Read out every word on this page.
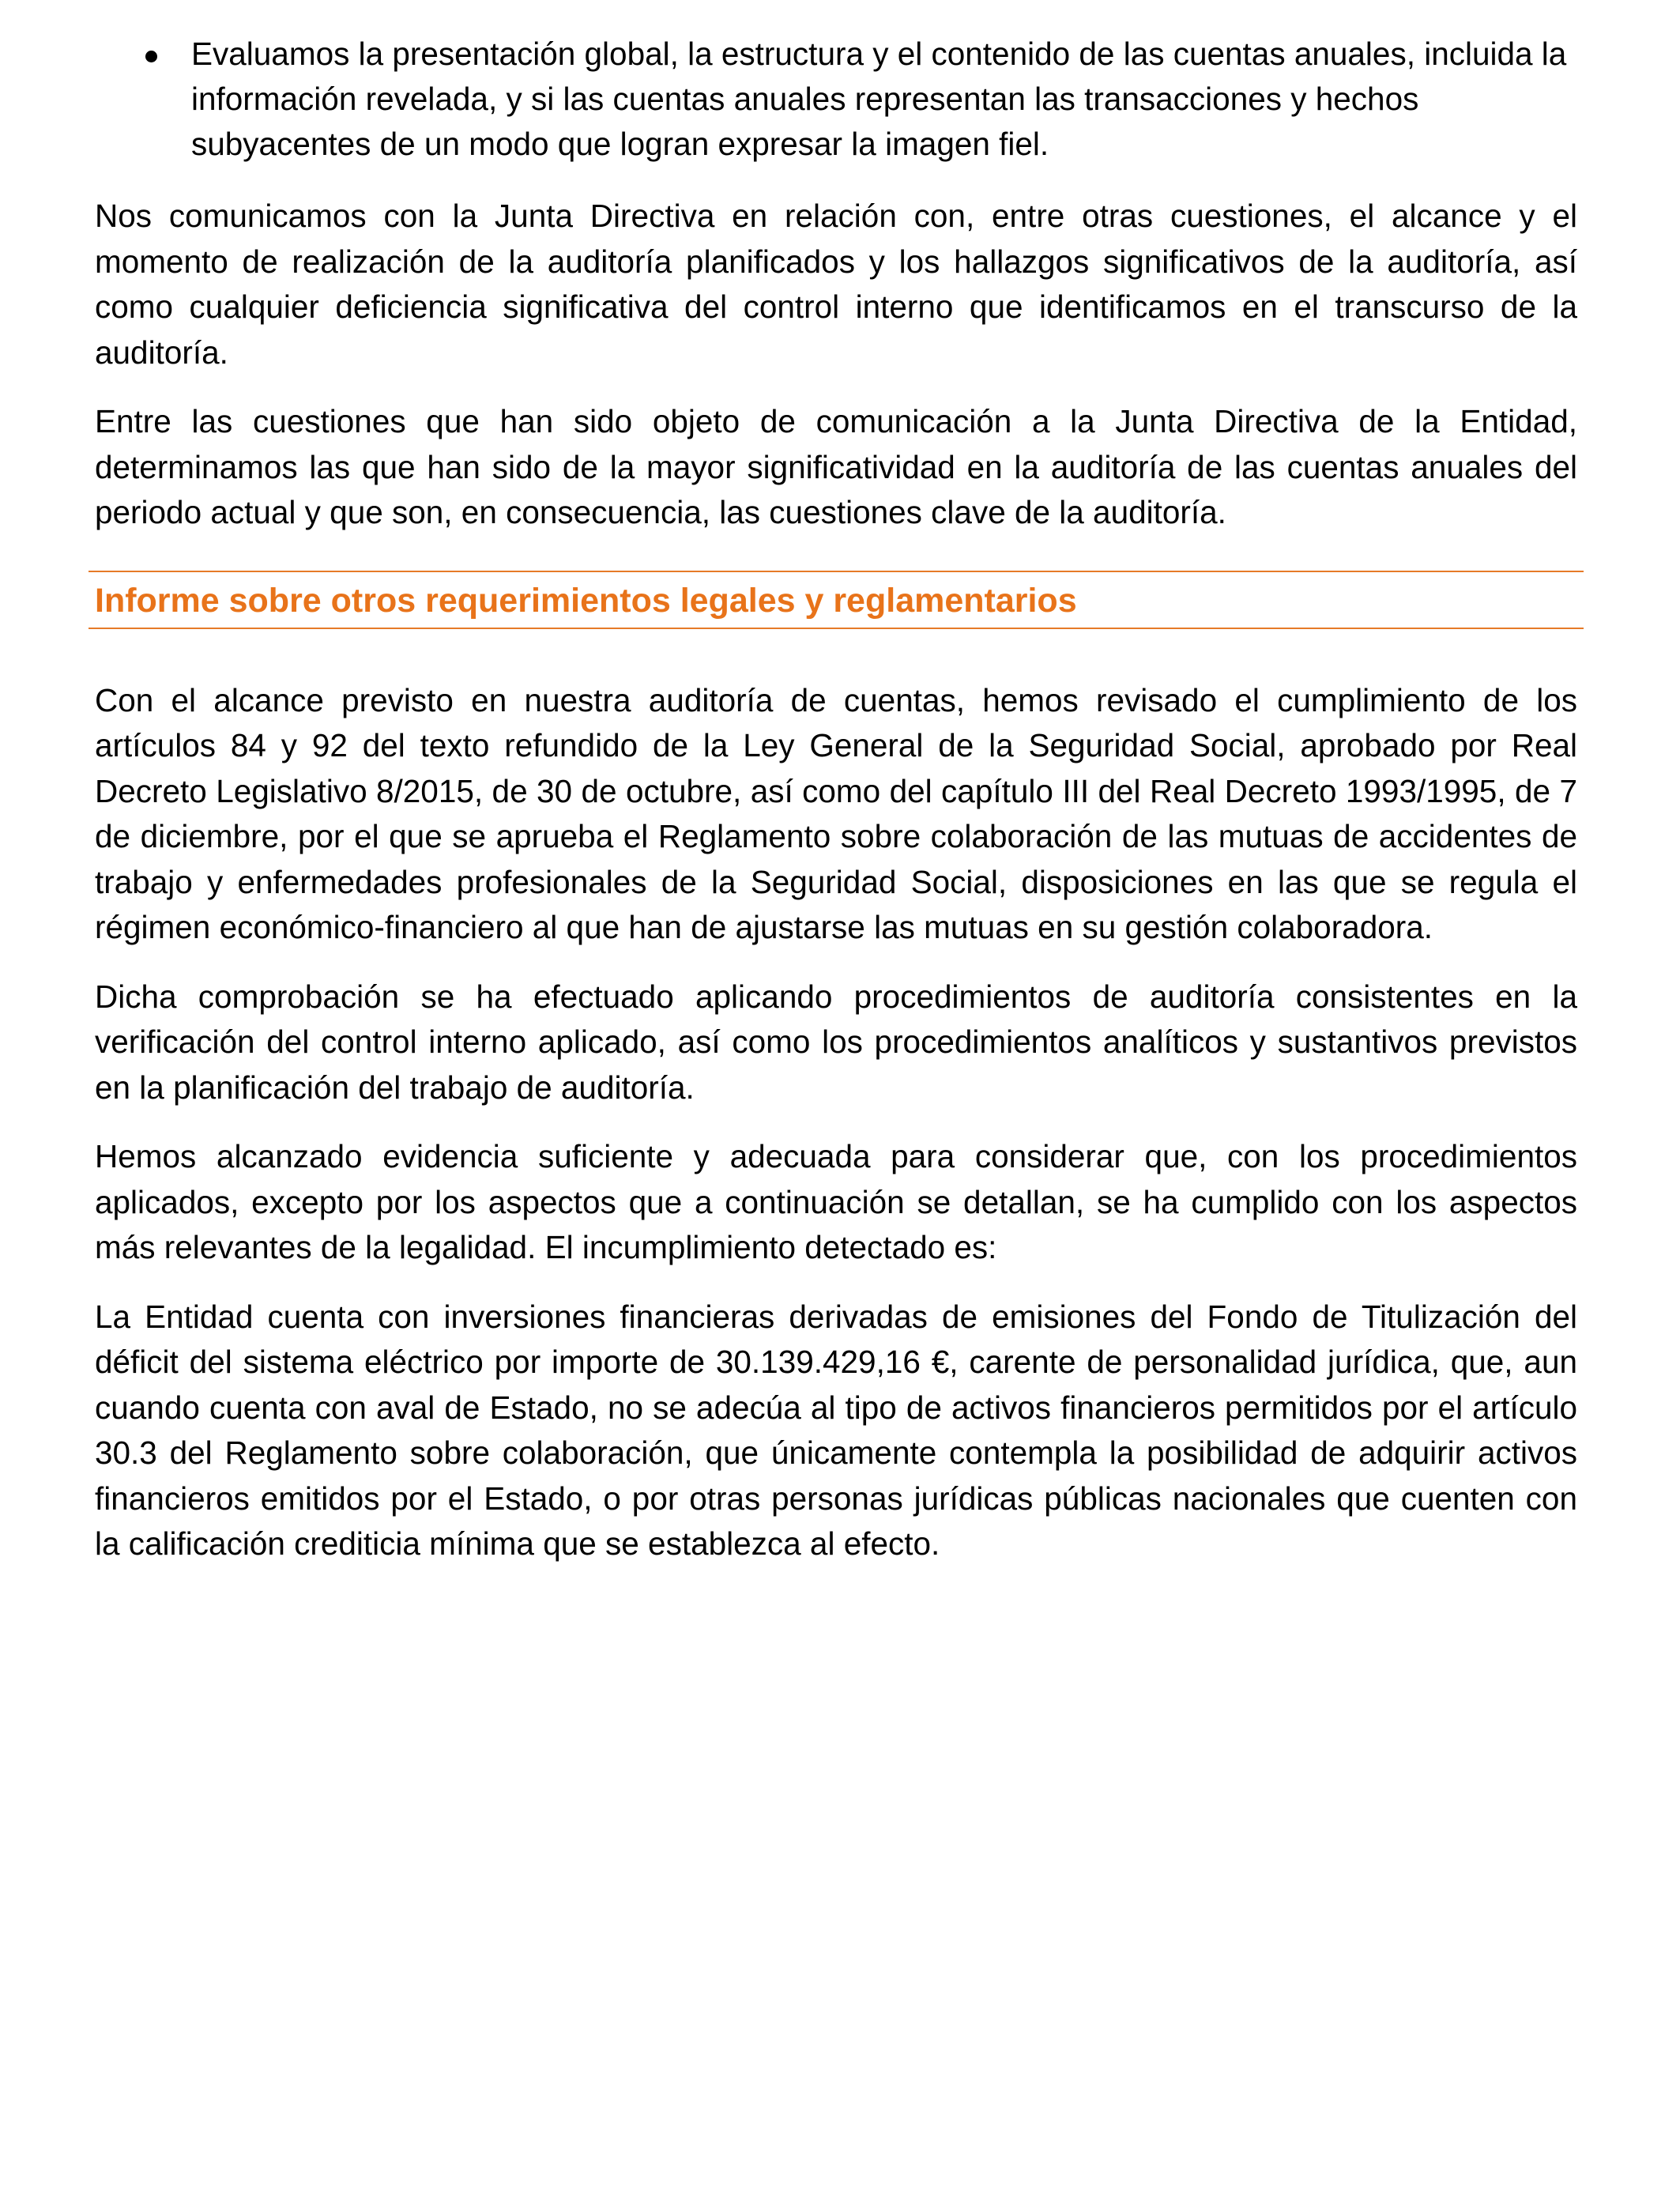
Evaluamos la presentación global, la estructura y el contenido de las cuentas anuales, incluida la información revelada, y si las cuentas anuales representan las transacciones y hechos subyacentes de un modo que logran expresar la imagen fiel.

Nos comunicamos con la Junta Directiva en relación con, entre otras cuestiones, el alcance y el momento de realización de la auditoría planificados y los hallazgos significativos de la auditoría, así como cualquier deficiencia significativa del control interno que identificamos en el transcurso de la auditoría.

Entre las cuestiones que han sido objeto de comunicación a la Junta Directiva de la Entidad, determinamos las que han sido de la mayor significatividad en la auditoría de las cuentas anuales del periodo actual y que son, en consecuencia, las cuestiones clave de la auditoría.

Informe sobre otros requerimientos legales y reglamentarios

Con el alcance previsto en nuestra auditoría de cuentas, hemos revisado el cumplimiento de los artículos 84 y 92 del texto refundido de la Ley General de la Seguridad Social, aprobado por Real Decreto Legislativo 8/2015, de 30 de octubre, así como del capítulo III del Real Decreto 1993/1995, de 7 de diciembre, por el que se aprueba el Reglamento sobre colaboración de las mutuas de accidentes de trabajo y enfermedades profesionales de la Seguridad Social, disposiciones en las que se regula el régimen económico-financiero al que han de ajustarse las mutuas en su gestión colaboradora.

Dicha comprobación se ha efectuado aplicando procedimientos de auditoría consistentes en la verificación del control interno aplicado, así como los procedimientos analíticos y sustantivos previstos en la planificación del trabajo de auditoría.

Hemos alcanzado evidencia suficiente y adecuada para considerar que, con los procedimientos aplicados, excepto por los aspectos que a continuación se detallan, se ha cumplido con los aspectos más relevantes de la legalidad. El incumplimiento detectado es:

La Entidad cuenta con inversiones financieras derivadas de emisiones del Fondo de Titulización del déficit del sistema eléctrico por importe de 30.139.429,16 €, carente de personalidad jurídica, que, aun cuando cuenta con aval de Estado, no se adecúa al tipo de activos financieros permitidos por el artículo 30.3 del Reglamento sobre colaboración, que únicamente contempla la posibilidad de adquirir activos financieros emitidos por el Estado, o por otras personas jurídicas públicas nacionales que cuenten con la calificación crediticia mínima que se establezca al efecto.
